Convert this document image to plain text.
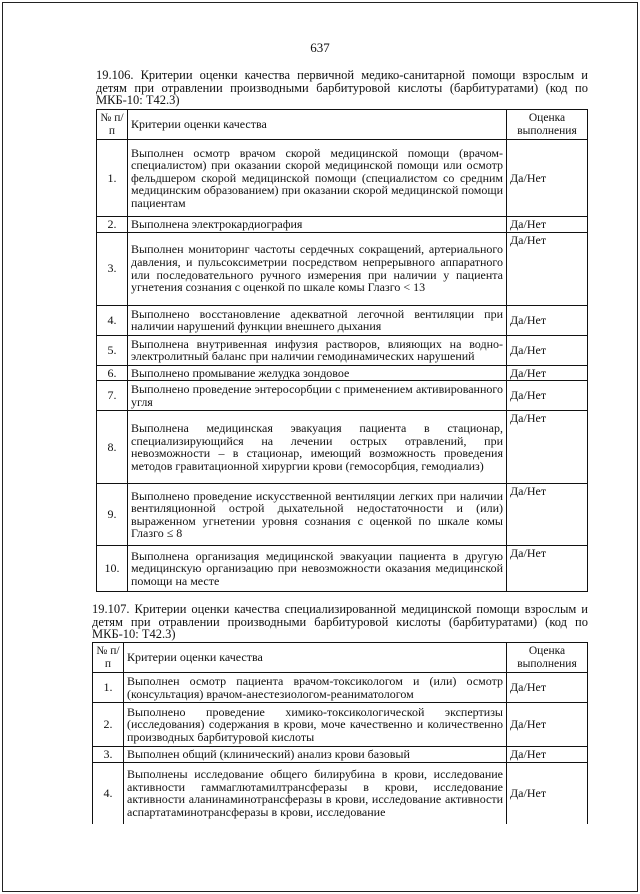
637
19.106. Критерии оценки качества первичной медико-санитарной помощи взрослым и детям при отравлении производными барбитуровой кислоты (барбитуратами) (код по МКБ-10: Т42.3)
№ п/п	Критерии оценки качества	Оценка выполнения
1.	Выполнен осмотр врачом скорой медицинской помощи (врачом-специалистом) при оказании скорой медицинской помощи или осмотр фельдшером скорой медицинской помощи (специалистом со средним медицинским образованием) при оказании скорой медицинской помощи пациентам	Да/Нет
2.	Выполнена электрокардиография	Да/Нет
3.	Выполнен мониторинг частоты сердечных сокращений, артериального давления, и пульсоксиметрии посредством непрерывного аппаратного или последовательного ручного измерения при наличии у пациента угнетения сознания с оценкой по шкале комы Глазго < 13	Да/Нет
4.	Выполнено восстановление адекватной легочной вентиляции при наличии нарушений функции внешнего дыхания	Да/Нет
5.	Выполнена внутривенная инфузия растворов, влияющих на водно-электролитный баланс при наличии гемодинамических нарушений	Да/Нет
6.	Выполнено промывание желудка зондовое	Да/Нет
7.	Выполнено проведение энтеросорбции с применением активированного угля	Да/Нет
8.	Выполнена медицинская эвакуация пациента в стационар, специализирующийся на лечении острых отравлений, при невозможности – в стационар, имеющий возможность проведения методов гравитационной хирургии крови (гемосорбция, гемодиализ)	Да/Нет
9.	Выполнено проведение искусственной вентиляции легких при наличии вентиляционной острой дыхательной недостаточности и (или) выраженном угнетении уровня сознания с оценкой по шкале комы Глазго ≤ 8	Да/Нет
10.	Выполнена организация медицинской эвакуации пациента в другую медицинскую организацию при невозможности оказания медицинской помощи на месте	Да/Нет
19.107. Критерии оценки качества специализированной медицинской помощи взрослым и детям при отравлении производными барбитуровой кислоты (барбитуратами) (код по МКБ-10: Т42.3)
№ п/п	Критерии оценки качества	Оценка выполнения
1.	Выполнен осмотр пациента врачом-токсикологом и (или) осмотр (консультация) врачом-анестезиологом-реаниматологом	Да/Нет
2.	Выполнено проведение химико-токсикологической экспертизы (исследования) содержания в крови, моче качественно и количественно производных барбитуровой кислоты	Да/Нет
3.	Выполнен общий (клинический) анализ крови базовый	Да/Нет
4.	Выполнены исследование общего билирубина в крови, исследование активности гаммаглютамилтрансферазы в крови, исследование активности аланинаминотрансферазы в крови, исследование активности аспартатаминотрансферазы в крови, исследование	Да/Нет
